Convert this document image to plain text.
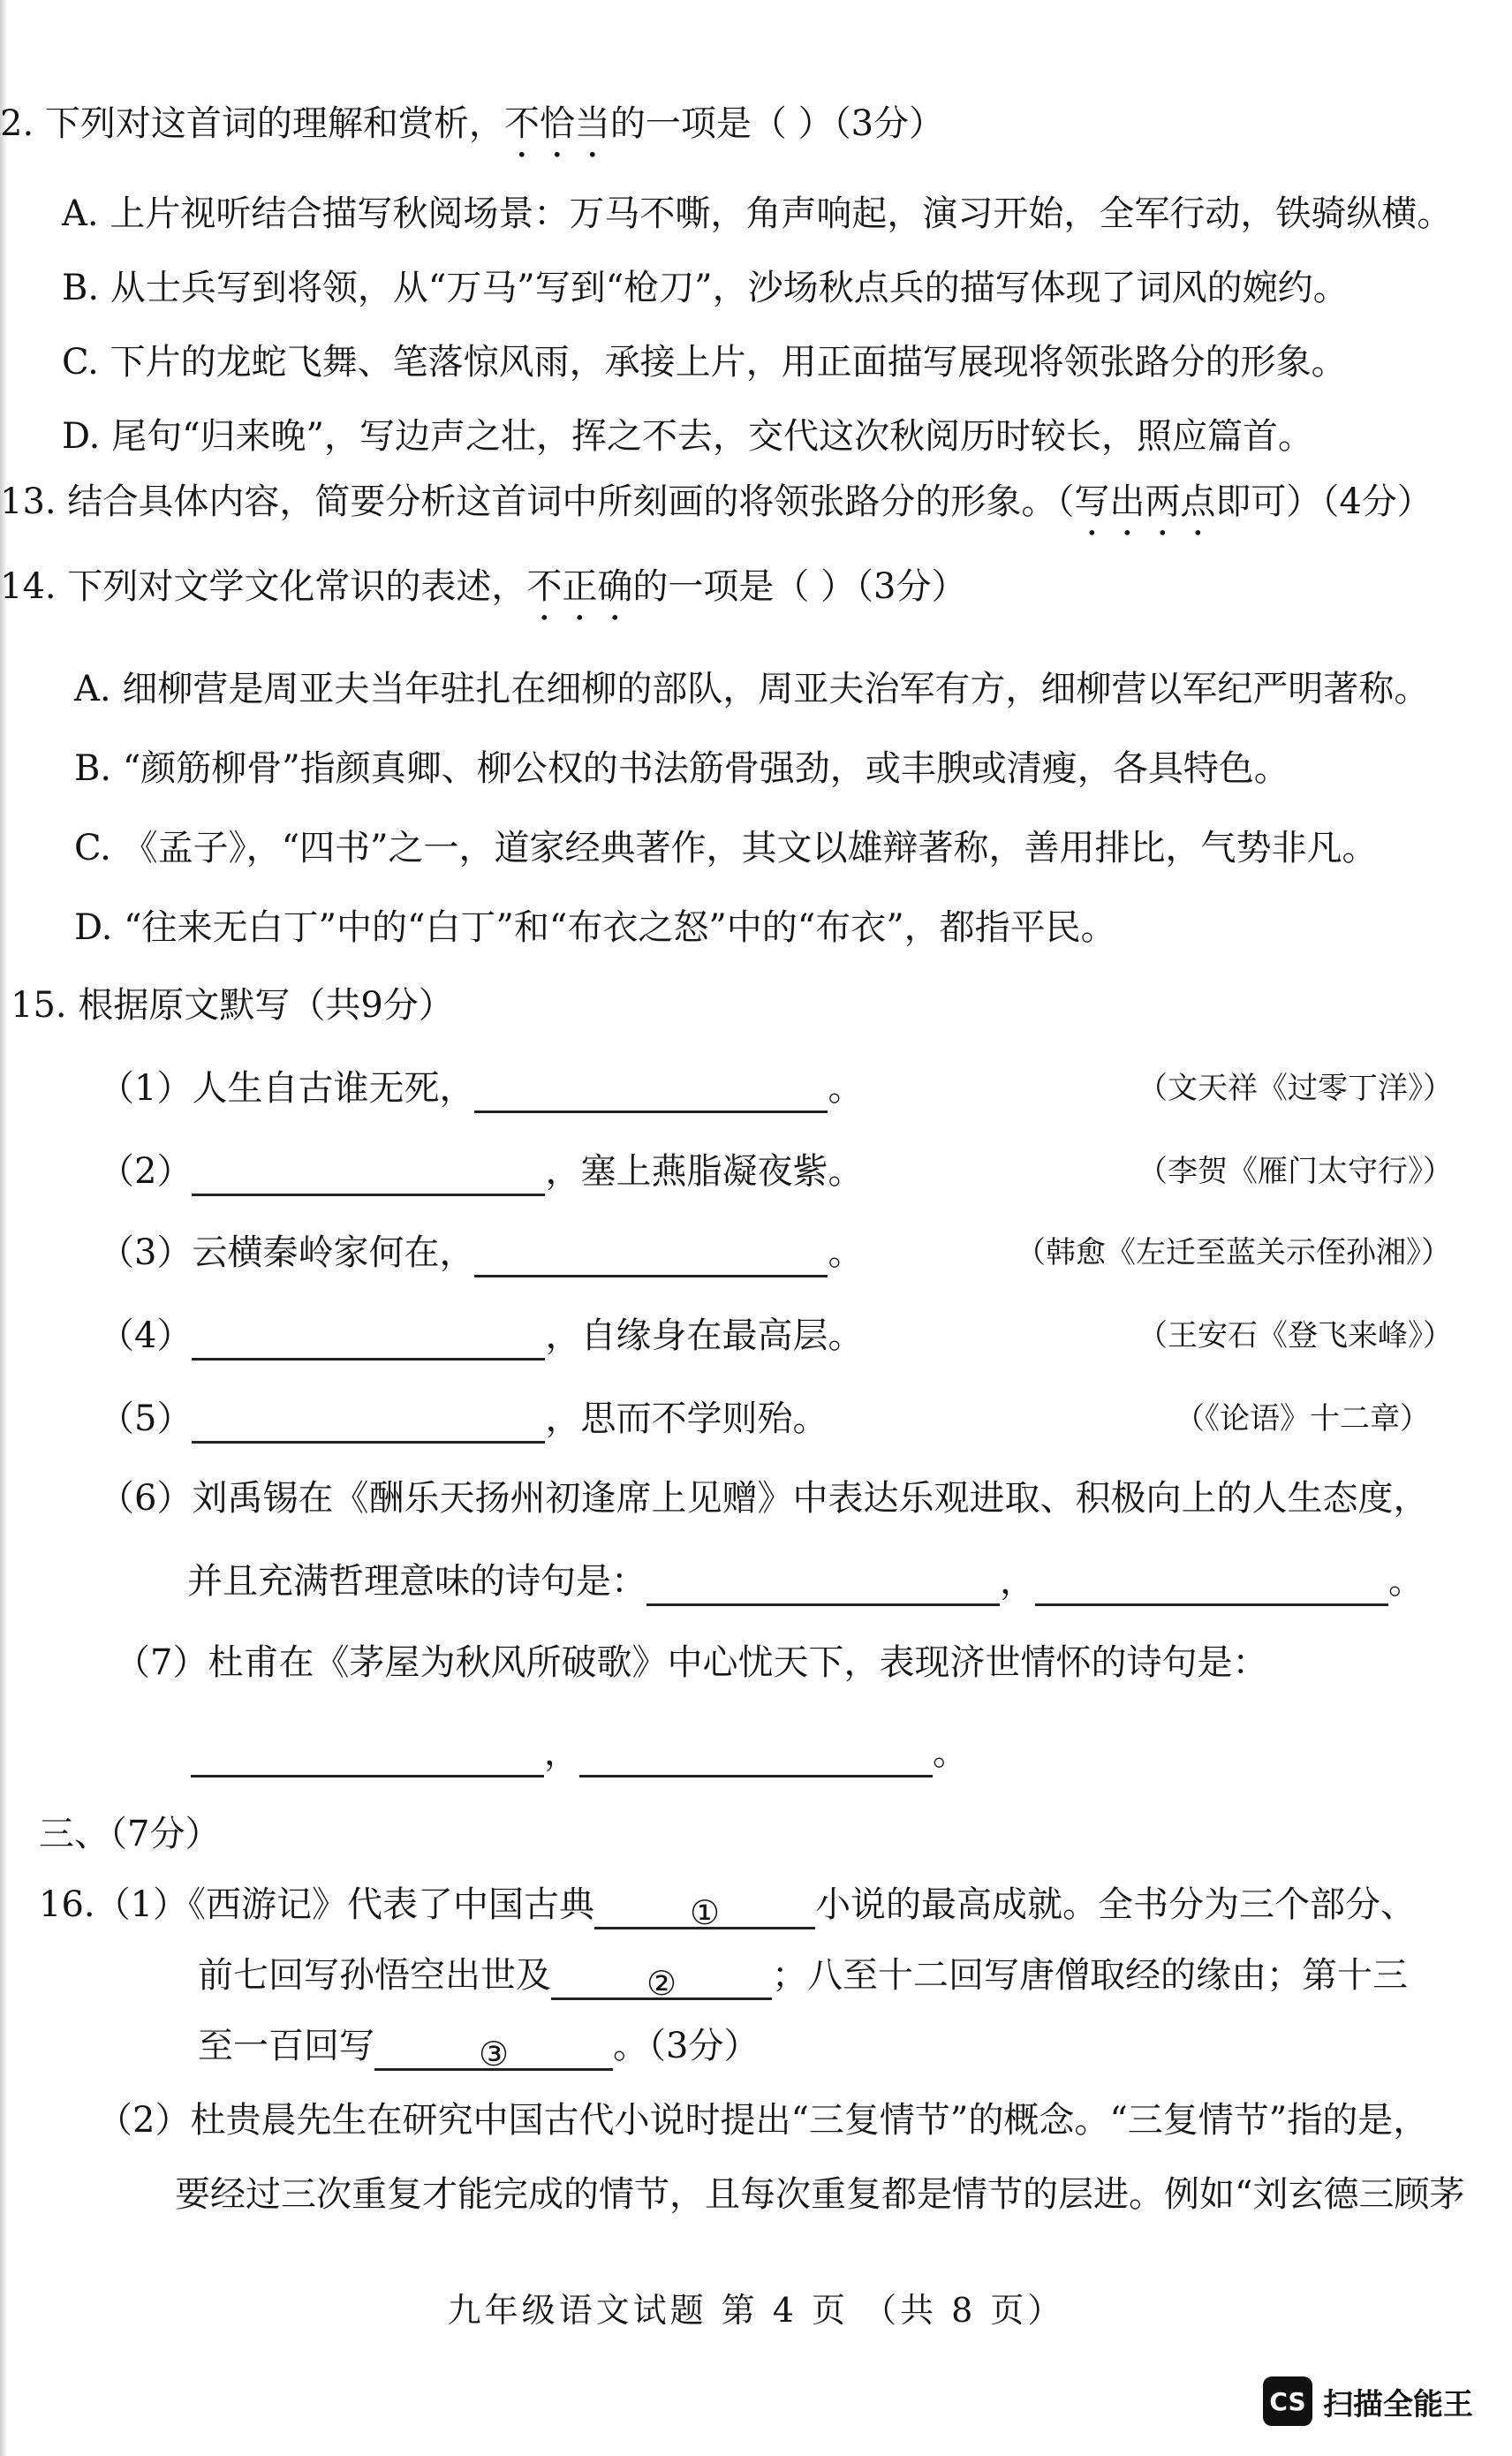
2. 下列对这首词的理解和赏析，不恰当的一项是（ ）（3分）
A. 上片视听结合描写秋阅场景：万马不嘶，角声响起，演习开始，全军行动，铁骑纵横。
B. 从士兵写到将领，从“万马”写到“枪刀”，沙场秋点兵的描写体现了词风的婉约。
C. 下片的龙蛇飞舞、笔落惊风雨，承接上片，用正面描写展现将领张路分的形象。
D. 尾句“归来晚”，写边声之壮，挥之不去，交代这次秋阅历时较长，照应篇首。
13. 结合具体内容，简要分析这首词中所刻画的将领张路分的形象。（写出两点即可）（4分）
14. 下列对文学文化常识的表述，不正确的一项是（ ）（3分）
A. 细柳营是周亚夫当年驻扎在细柳的部队，周亚夫治军有方，细柳营以军纪严明著称。
B. “颜筋柳骨”指颜真卿、柳公权的书法筋骨强劲，或丰腴或清瘦，各具特色。
C. 《孟子》，“四书”之一，道家经典著作，其文以雄辩著称，善用排比，气势非凡。
D. “往来无白丁”中的“白丁”和“布衣之怒”中的“布衣”，都指平民。
15. 根据原文默写（共9分）
（1）人生自古谁无死，	。	（文天祥《过零丁洋》）
（2）	，塞上燕脂凝夜紫。	（李贺《雁门太守行》）
（3）云横秦岭家何在，	。	（韩愈《左迁至蓝关示侄孙湘》）
（4）	，自缘身在最高层。	（王安石《登飞来峰》）
（5）	，思而不学则殆。	（《论语》十二章）
（6）刘禹锡在《酬乐天扬州初逢席上见赠》中表达乐观进取、积极向上的人生态度，
并且充满哲理意味的诗句是：	，	。
（7）杜甫在《茅屋为秋风所破歌》中心忧天下，表现济世情怀的诗句是：
，	。
三、（7分）
16.（1）《西游记》代表了中国古典	①	小说的最高成就。全书分为三个部分、
前七回写孙悟空出世及	②	；八至十二回写唐僧取经的缘由；第十三
至一百回写	③	。（3分）
（2）杜贵晨先生在研究中国古代小说时提出“三复情节”的概念。“三复情节”指的是，
要经过三次重复才能完成的情节，且每次重复都是情节的层进。例如“刘玄德三顾茅
九年级语文试题 第 4 页 （共 8 页）
CS 扫描全能王
